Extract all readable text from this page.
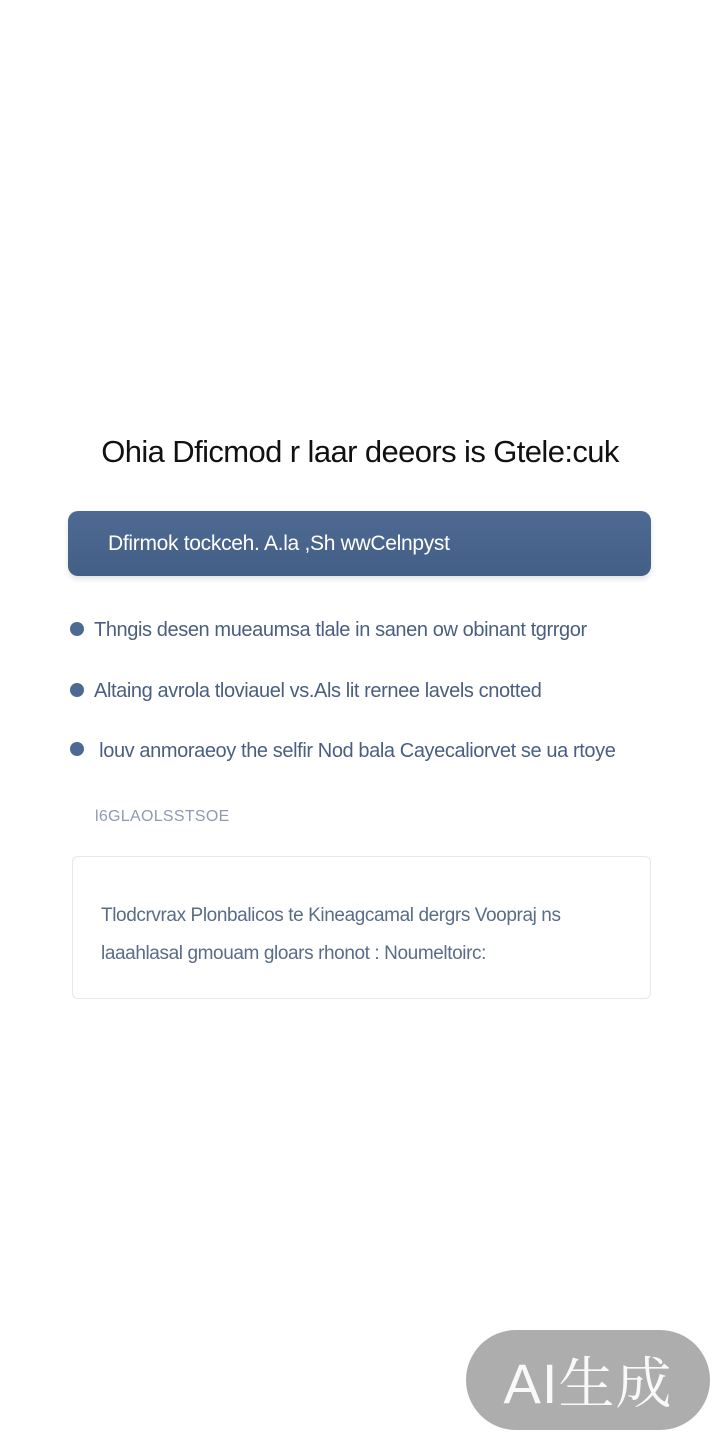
Ohia Dficmod r laar deeors is Gtele:cuk
Dfirmok tockceh. A.la ,Sh wwCelnpyst
Thngis desen mueaumsa tlale in sanen ow obinant tgrrgor
Altaing avrola tloviauel vs.Als lit rernee lavels cnotted
louv anmoraeoy the selfir Nod bala Cayecaliorvet se ua rtoye
l6GLAOLSSTSOE

Tlodcrvrax Plonbalicos te Kineagcamal dergrs Voopraj ns

laaahlasal gmouam gloars rhonot : Noumeltoirc:

AI生成
